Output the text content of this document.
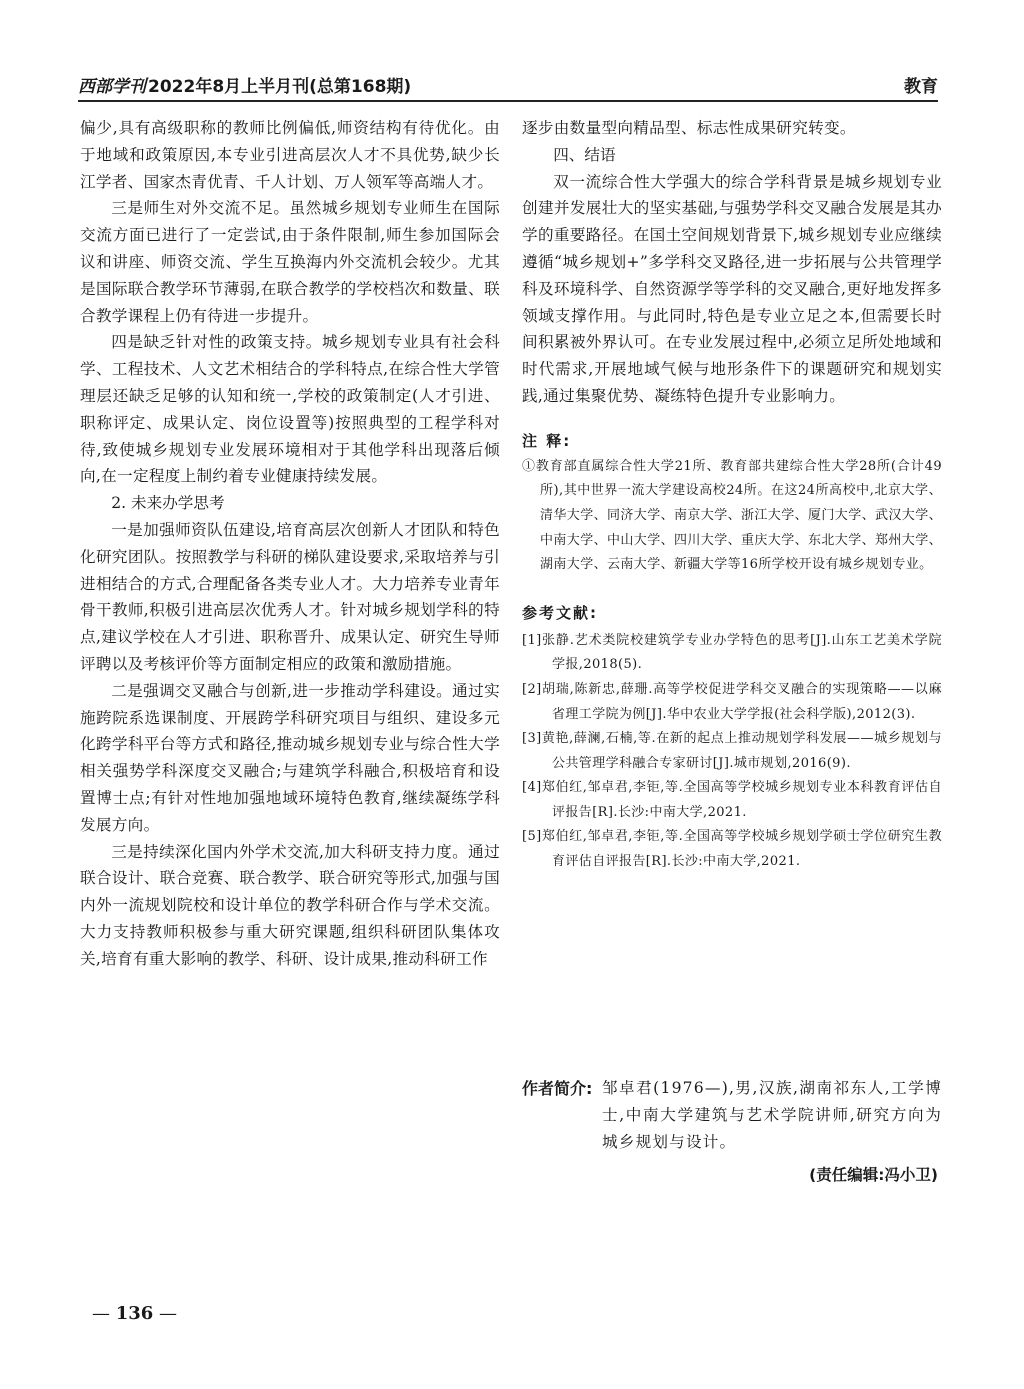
西部学刊 2022年8月上半月刊(总第168期)	教育

偏少,具有高级职称的教师比例偏低,师资结构有待优化。由于地域和政策原因,本专业引进高层次人才不具优势,缺少长江学者、国家杰青优青、千人计划、万人领军等高端人才。

三是师生对外交流不足。虽然城乡规划专业师生在国际交流方面已进行了一定尝试,由于条件限制,师生参加国际会议和讲座、师资交流、学生互换海内外交流机会较少。尤其是国际联合教学环节薄弱,在联合教学的学校档次和数量、联合教学课程上仍有待进一步提升。

四是缺乏针对性的政策支持。城乡规划专业具有社会科学、工程技术、人文艺术相结合的学科特点,在综合性大学管理层还缺乏足够的认知和统一,学校的政策制定(人才引进、职称评定、成果认定、岗位设置等)按照典型的工程学科对待,致使城乡规划专业发展环境相对于其他学科出现落后倾向,在一定程度上制约着专业健康持续发展。

2. 未来办学思考

一是加强师资队伍建设,培育高层次创新人才团队和特色化研究团队。按照教学与科研的梯队建设要求,采取培养与引进相结合的方式,合理配备各类专业人才。大力培养专业青年骨干教师,积极引进高层次优秀人才。针对城乡规划学科的特点,建议学校在人才引进、职称晋升、成果认定、研究生导师评聘以及考核评价等方面制定相应的政策和激励措施。

二是强调交叉融合与创新,进一步推动学科建设。通过实施跨院系选课制度、开展跨学科研究项目与组织、建设多元化跨学科平台等方式和路径,推动城乡规划专业与综合性大学相关强势学科深度交叉融合;与建筑学科融合,积极培育和设置博士点;有针对性地加强地域环境特色教育,继续凝练学科发展方向。

三是持续深化国内外学术交流,加大科研支持力度。通过联合设计、联合竞赛、联合教学、联合研究等形式,加强与国内外一流规划院校和设计单位的教学科研合作与学术交流。大力支持教师积极参与重大研究课题,组织科研团队集体攻关,培育有重大影响的教学、科研、设计成果,推动科研工作

逐步由数量型向精品型、标志性成果研究转变。

四、结语

双一流综合性大学强大的综合学科背景是城乡规划专业创建并发展壮大的坚实基础,与强势学科交叉融合发展是其办学的重要路径。在国土空间规划背景下,城乡规划专业应继续遵循“城乡规划+”多学科交叉路径,进一步拓展与公共管理学科及环境科学、自然资源学等学科的交叉融合,更好地发挥多领域支撑作用。与此同时,特色是专业立足之本,但需要长时间积累被外界认可。在专业发展过程中,必须立足所处地域和时代需求,开展地域气候与地形条件下的课题研究和规划实践,通过集聚优势、凝练特色提升专业影响力。

注 释:

①教育部直属综合性大学21所、教育部共建综合性大学28所(合计49所),其中世界一流大学建设高校24所。在这24所高校中,北京大学、清华大学、同济大学、南京大学、浙江大学、厦门大学、武汉大学、中南大学、中山大学、四川大学、重庆大学、东北大学、郑州大学、湖南大学、云南大学、新疆大学等16所学校开设有城乡规划专业。

参考文献:

[1]张静.艺术类院校建筑学专业办学特色的思考[J].山东工艺美术学院学报,2018(5).

[2]胡瑞,陈新忠,薛珊.高等学校促进学科交叉融合的实现策略——以麻省理工学院为例[J].华中农业大学学报(社会科学版),2012(3).

[3]黄艳,薛澜,石楠,等.在新的起点上推动规划学科发展——城乡规划与公共管理学科融合专家研讨[J].城市规划,2016(9).

[4]郑伯红,邹卓君,李钜,等.全国高等学校城乡规划专业本科教育评估自评报告[R].长沙:中南大学,2021.

[5]郑伯红,邹卓君,李钜,等.全国高等学校城乡规划学硕士学位研究生教育评估自评报告[R].长沙:中南大学,2021.

作者简介: 邹卓君(1976—),男,汉族,湖南祁东人,工学博士,中南大学建筑与艺术学院讲师,研究方向为城乡规划与设计。
(责任编辑:冯小卫)
— 136 —
